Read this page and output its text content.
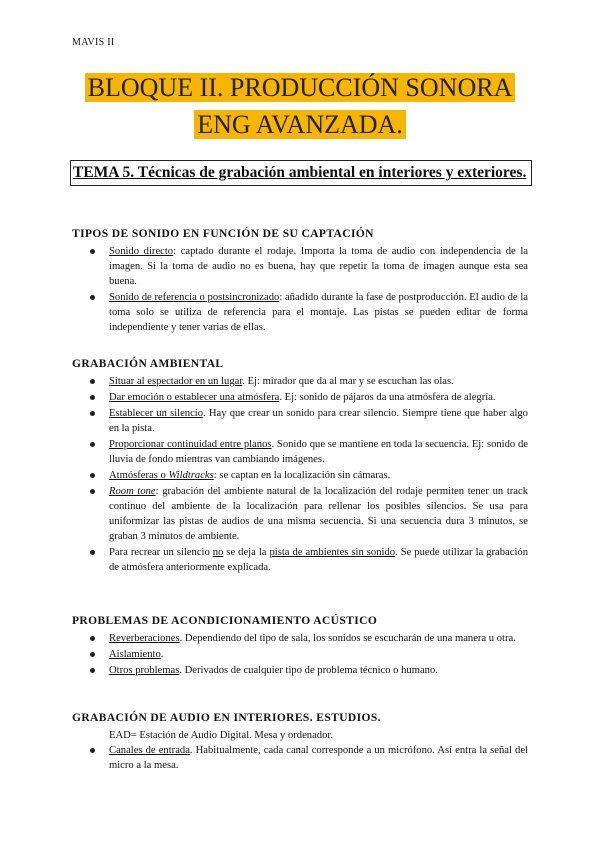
MAVIS II
BLOQUE II. PRODUCCIÓN SONORA
ENG AVANZADA.
TEMA 5. Técnicas de grabación ambiental en interiores y exteriores.
TIPOS DE SONIDO EN FUNCIÓN DE SU CAPTACIÓN
Sonido directo: captado durante el rodaje. Importa la toma de audio con independencia de la imagen. Si la toma de audio no es buena, hay que repetir la toma de imagen aunque esta sea buena.
Sonido de referencia o postsincronizado: añadido durante la fase de postproducción. El audio de la toma solo se utiliza de referencia para el montaje. Las pistas se pueden editar de forma independiente y tener varias de ellas.
GRABACIÓN AMBIENTAL
Situar al espectador en un lugar. Ej: mirador que da al mar y se escuchan las olas.
Dar emoción o establecer una atmósfera. Ej: sonido de pájaros da una atmósfera de alegría.
Establecer un silencio. Hay que crear un sonido para crear silencio. Siempre tiene que haber algo en la pista.
Proporcionar continuidad entre planos. Sonido que se mantiene en toda la secuencia. Ej: sonido de lluvia de fondo mientras van cambiando imágenes.
Atmósferas o Wildtracks: se captan en la localización sin cámaras.
Room tone: grabación del ambiente natural de la localización del rodaje permiten tener un track continuo del ambiente de la localización para rellenar los posibles silencios. Se usa para uniformizar las pistas de audios de una misma secuencia. Si una secuencia dura 3 minutos, se graban 3 minutos de ambiente.
Para recrear un silencio no se deja la pista de ambientes sin sonido. Se puede utilizar la grabación de atmósfera anteriormente explicada.
PROBLEMAS DE ACONDICIONAMIENTO ACÚSTICO
Reverberaciones. Dependiendo del tipo de sala, los sonidos se escucharán de una manera u otra.
Aislamiento.
Otros problemas. Derivados de cualquier tipo de problema técnico o humano.
GRABACIÓN DE AUDIO EN INTERIORES. ESTUDIOS.
EAD= Estación de Audio Digital. Mesa y ordenador.
Canales de entrada. Habitualmente, cada canal corresponde a un micrófono. Así entra la señal del micro a la mesa.
